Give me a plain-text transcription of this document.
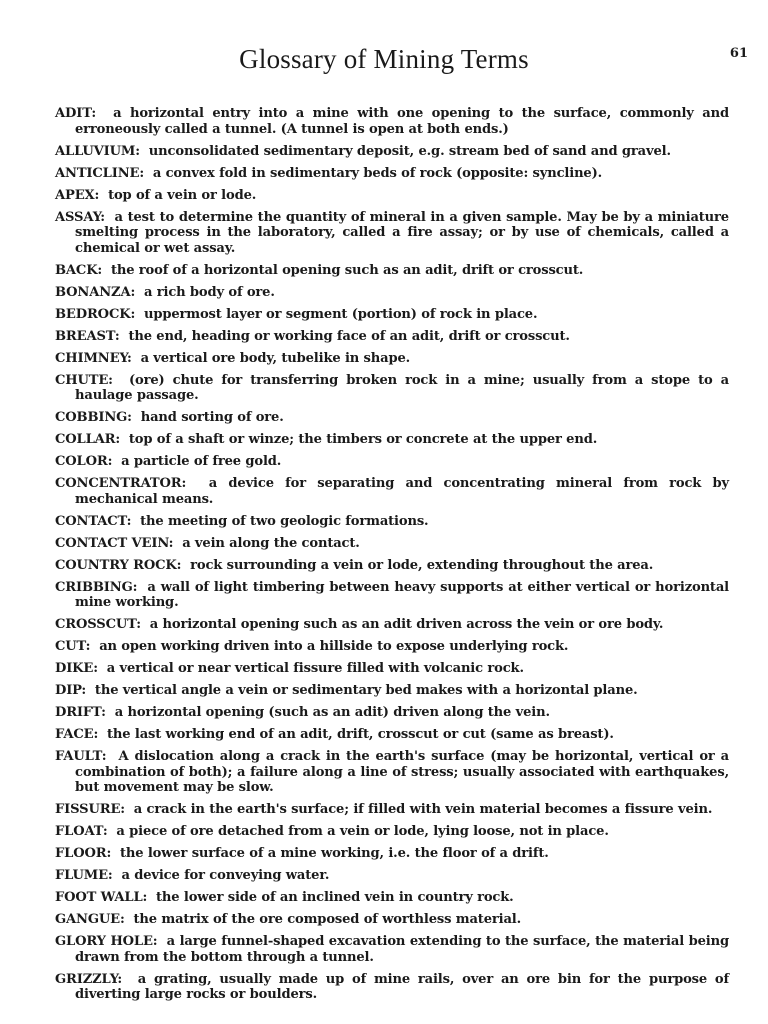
Glossary of Mining Terms	61
ADIT: a horizontal entry into a mine with one opening to the surface, commonly and erroneously called a tunnel. (A tunnel is open at both ends.)
ALLUVIUM: unconsolidated sedimentary deposit, e.g. stream bed of sand and gravel.
ANTICLINE: a convex fold in sedimentary beds of rock (opposite: syncline).
APEX: top of a vein or lode.
ASSAY: a test to determine the quantity of mineral in a given sample. May be by a miniature smelting process in the laboratory, called a fire assay; or by use of chemicals, called a chemical or wet assay.
BACK: the roof of a horizontal opening such as an adit, drift or crosscut.
BONANZA: a rich body of ore.
BEDROCK: uppermost layer or segment (portion) of rock in place.
BREAST: the end, heading or working face of an adit, drift or crosscut.
CHIMNEY: a vertical ore body, tubelike in shape.
CHUTE: (ore) chute for transferring broken rock in a mine; usually from a stope to a haulage passage.
COBBING: hand sorting of ore.
COLLAR: top of a shaft or winze; the timbers or concrete at the upper end.
COLOR: a particle of free gold.
CONCENTRATOR: a device for separating and concentrating mineral from rock by mechanical means.
CONTACT: the meeting of two geologic formations.
CONTACT VEIN: a vein along the contact.
COUNTRY ROCK: rock surrounding a vein or lode, extending throughout the area.
CRIBBING: a wall of light timbering between heavy supports at either vertical or horizontal mine working.
CROSSCUT: a horizontal opening such as an adit driven across the vein or ore body.
CUT: an open working driven into a hillside to expose underlying rock.
DIKE: a vertical or near vertical fissure filled with volcanic rock.
DIP: the vertical angle a vein or sedimentary bed makes with a horizontal plane.
DRIFT: a horizontal opening (such as an adit) driven along the vein.
FACE: the last working end of an adit, drift, crosscut or cut (same as breast).
FAULT: A dislocation along a crack in the earth's surface (may be horizontal, vertical or a combination of both); a failure along a line of stress; usually associated with earthquakes, but movement may be slow.
FISSURE: a crack in the earth's surface; if filled with vein material becomes a fissure vein.
FLOAT: a piece of ore detached from a vein or lode, lying loose, not in place.
FLOOR: the lower surface of a mine working, i.e. the floor of a drift.
FLUME: a device for conveying water.
FOOT WALL: the lower side of an inclined vein in country rock.
GANGUE: the matrix of the ore composed of worthless material.
GLORY HOLE: a large funnel-shaped excavation extending to the surface, the material being drawn from the bottom through a tunnel.
GRIZZLY: a grating, usually made up of mine rails, over an ore bin for the purpose of diverting large rocks or boulders.
